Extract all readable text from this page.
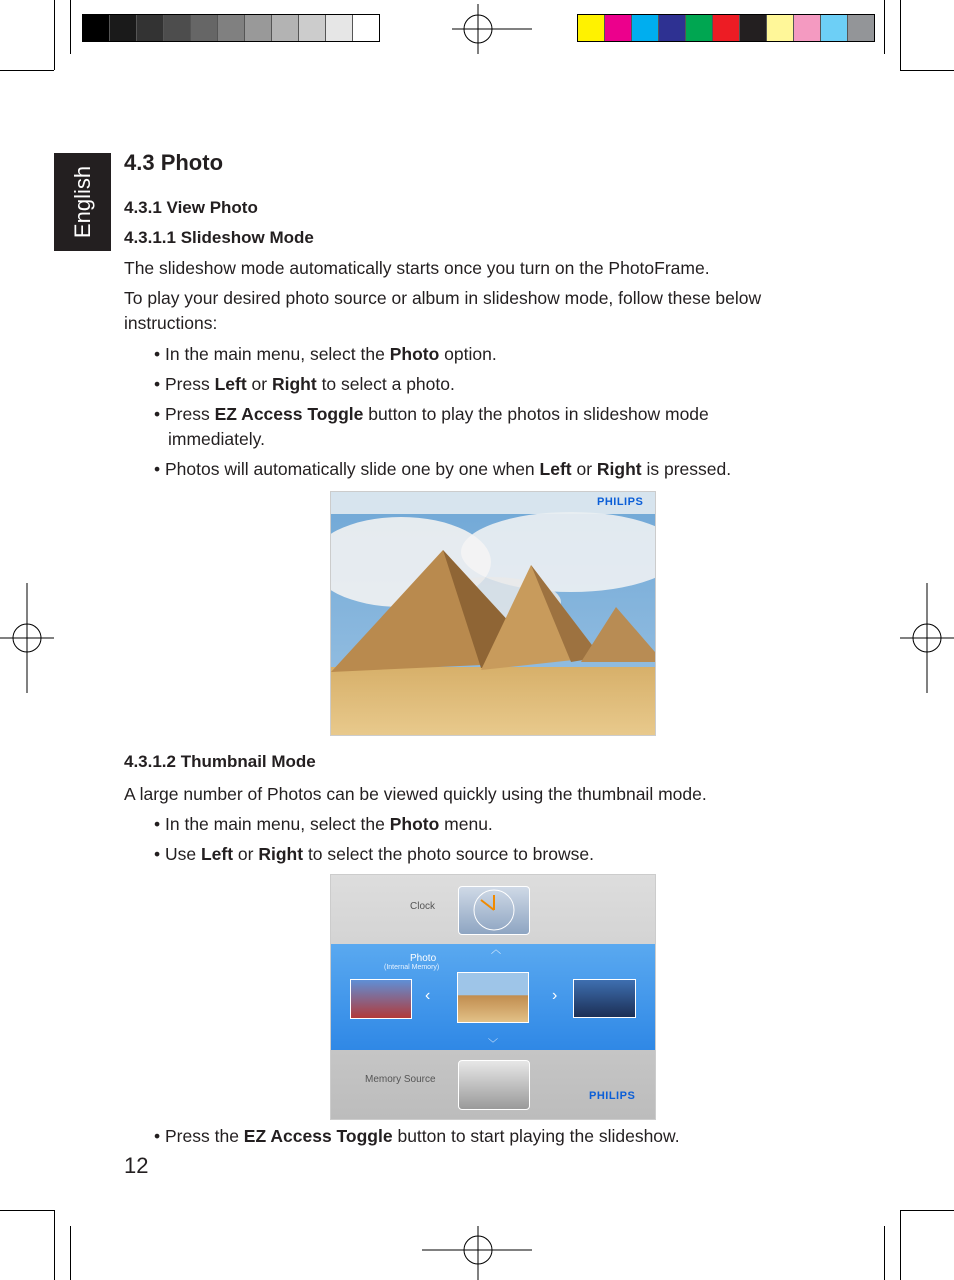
English
4.3 Photo
4.3.1 View Photo
4.3.1.1 Slideshow Mode
The slideshow mode automatically starts once you turn on the PhotoFrame.
To play your desired photo source or album in slideshow mode, follow these below
instructions:
• In the main menu, select the Photo option.
• Press Left or Right to select a photo.
• Press EZ Access Toggle button to play the photos in slideshow mode
immediately.
• Photos will automatically slide one by one when Left or Right is pressed.
PHILIPS
4.3.1.2 Thumbnail Mode
A large number of Photos can be viewed quickly using the thumbnail mode.
• In the main menu, select the Photo menu.
• Use Left or Right to select the photo source to browse.
Clock
︿
Photo
(Internal Memory)
‹	›
﹀
Memory Source
PHILIPS
• Press the EZ Access Toggle button to start playing the slideshow.
12
